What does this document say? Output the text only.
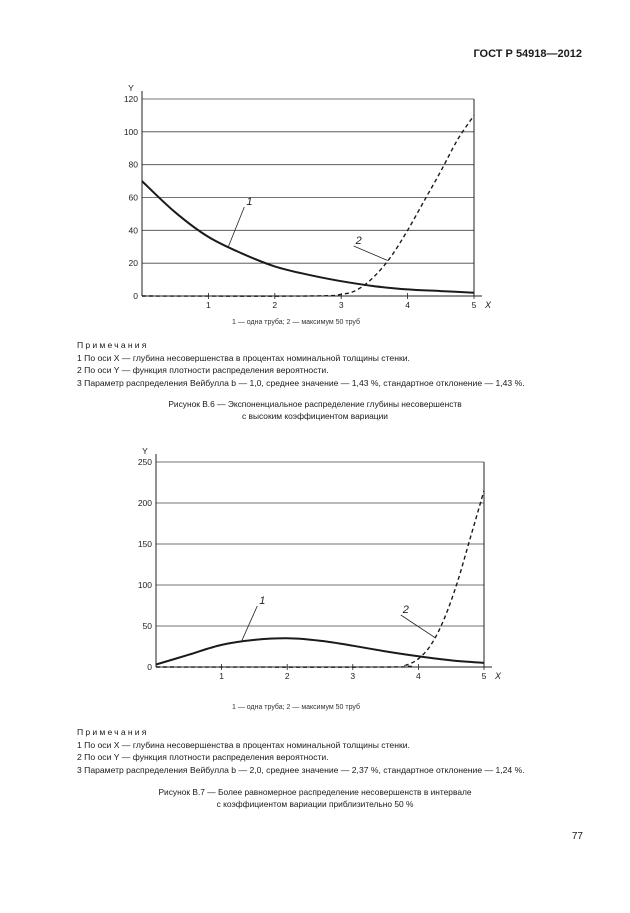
ГОСТ Р 54918—2012
0
20
40
60
80
100
120
1	2	3	4	5
Y
X
1
2
1 — одна труба; 2 — максимум 50 труб
Примечания
1 По оси X — глубина несовершенства в процентах номинальной толщины стенки.
2 По оси Y — функция плотности распределения вероятности.
3 Параметр распределения Вейбулла b — 1,0, среднее значение — 1,43 %, стандартное отклонение — 1,43 %.
Рисунок В.6 — Экспоненциальное распределение глубины несовершенств
с высоким коэффициентом вариации
0
50
100
150
200
250
1	2	3	4	5
Y
X
1
2
1 — одна труба; 2 — максимум 50 труб
Примечания
1 По оси X — глубина несовершенства в процентах номинальной толщины стенки.
2 По оси Y — функция плотности распределения вероятности.
3 Параметр распределения Вейбулла b — 2,0, среднее значение — 2,37 %, стандартное отклонение — 1,24 %.
Рисунок В.7 — Более равномерное распределение несовершенств в интервале
с коэффициентом вариации приблизительно 50 %
77
